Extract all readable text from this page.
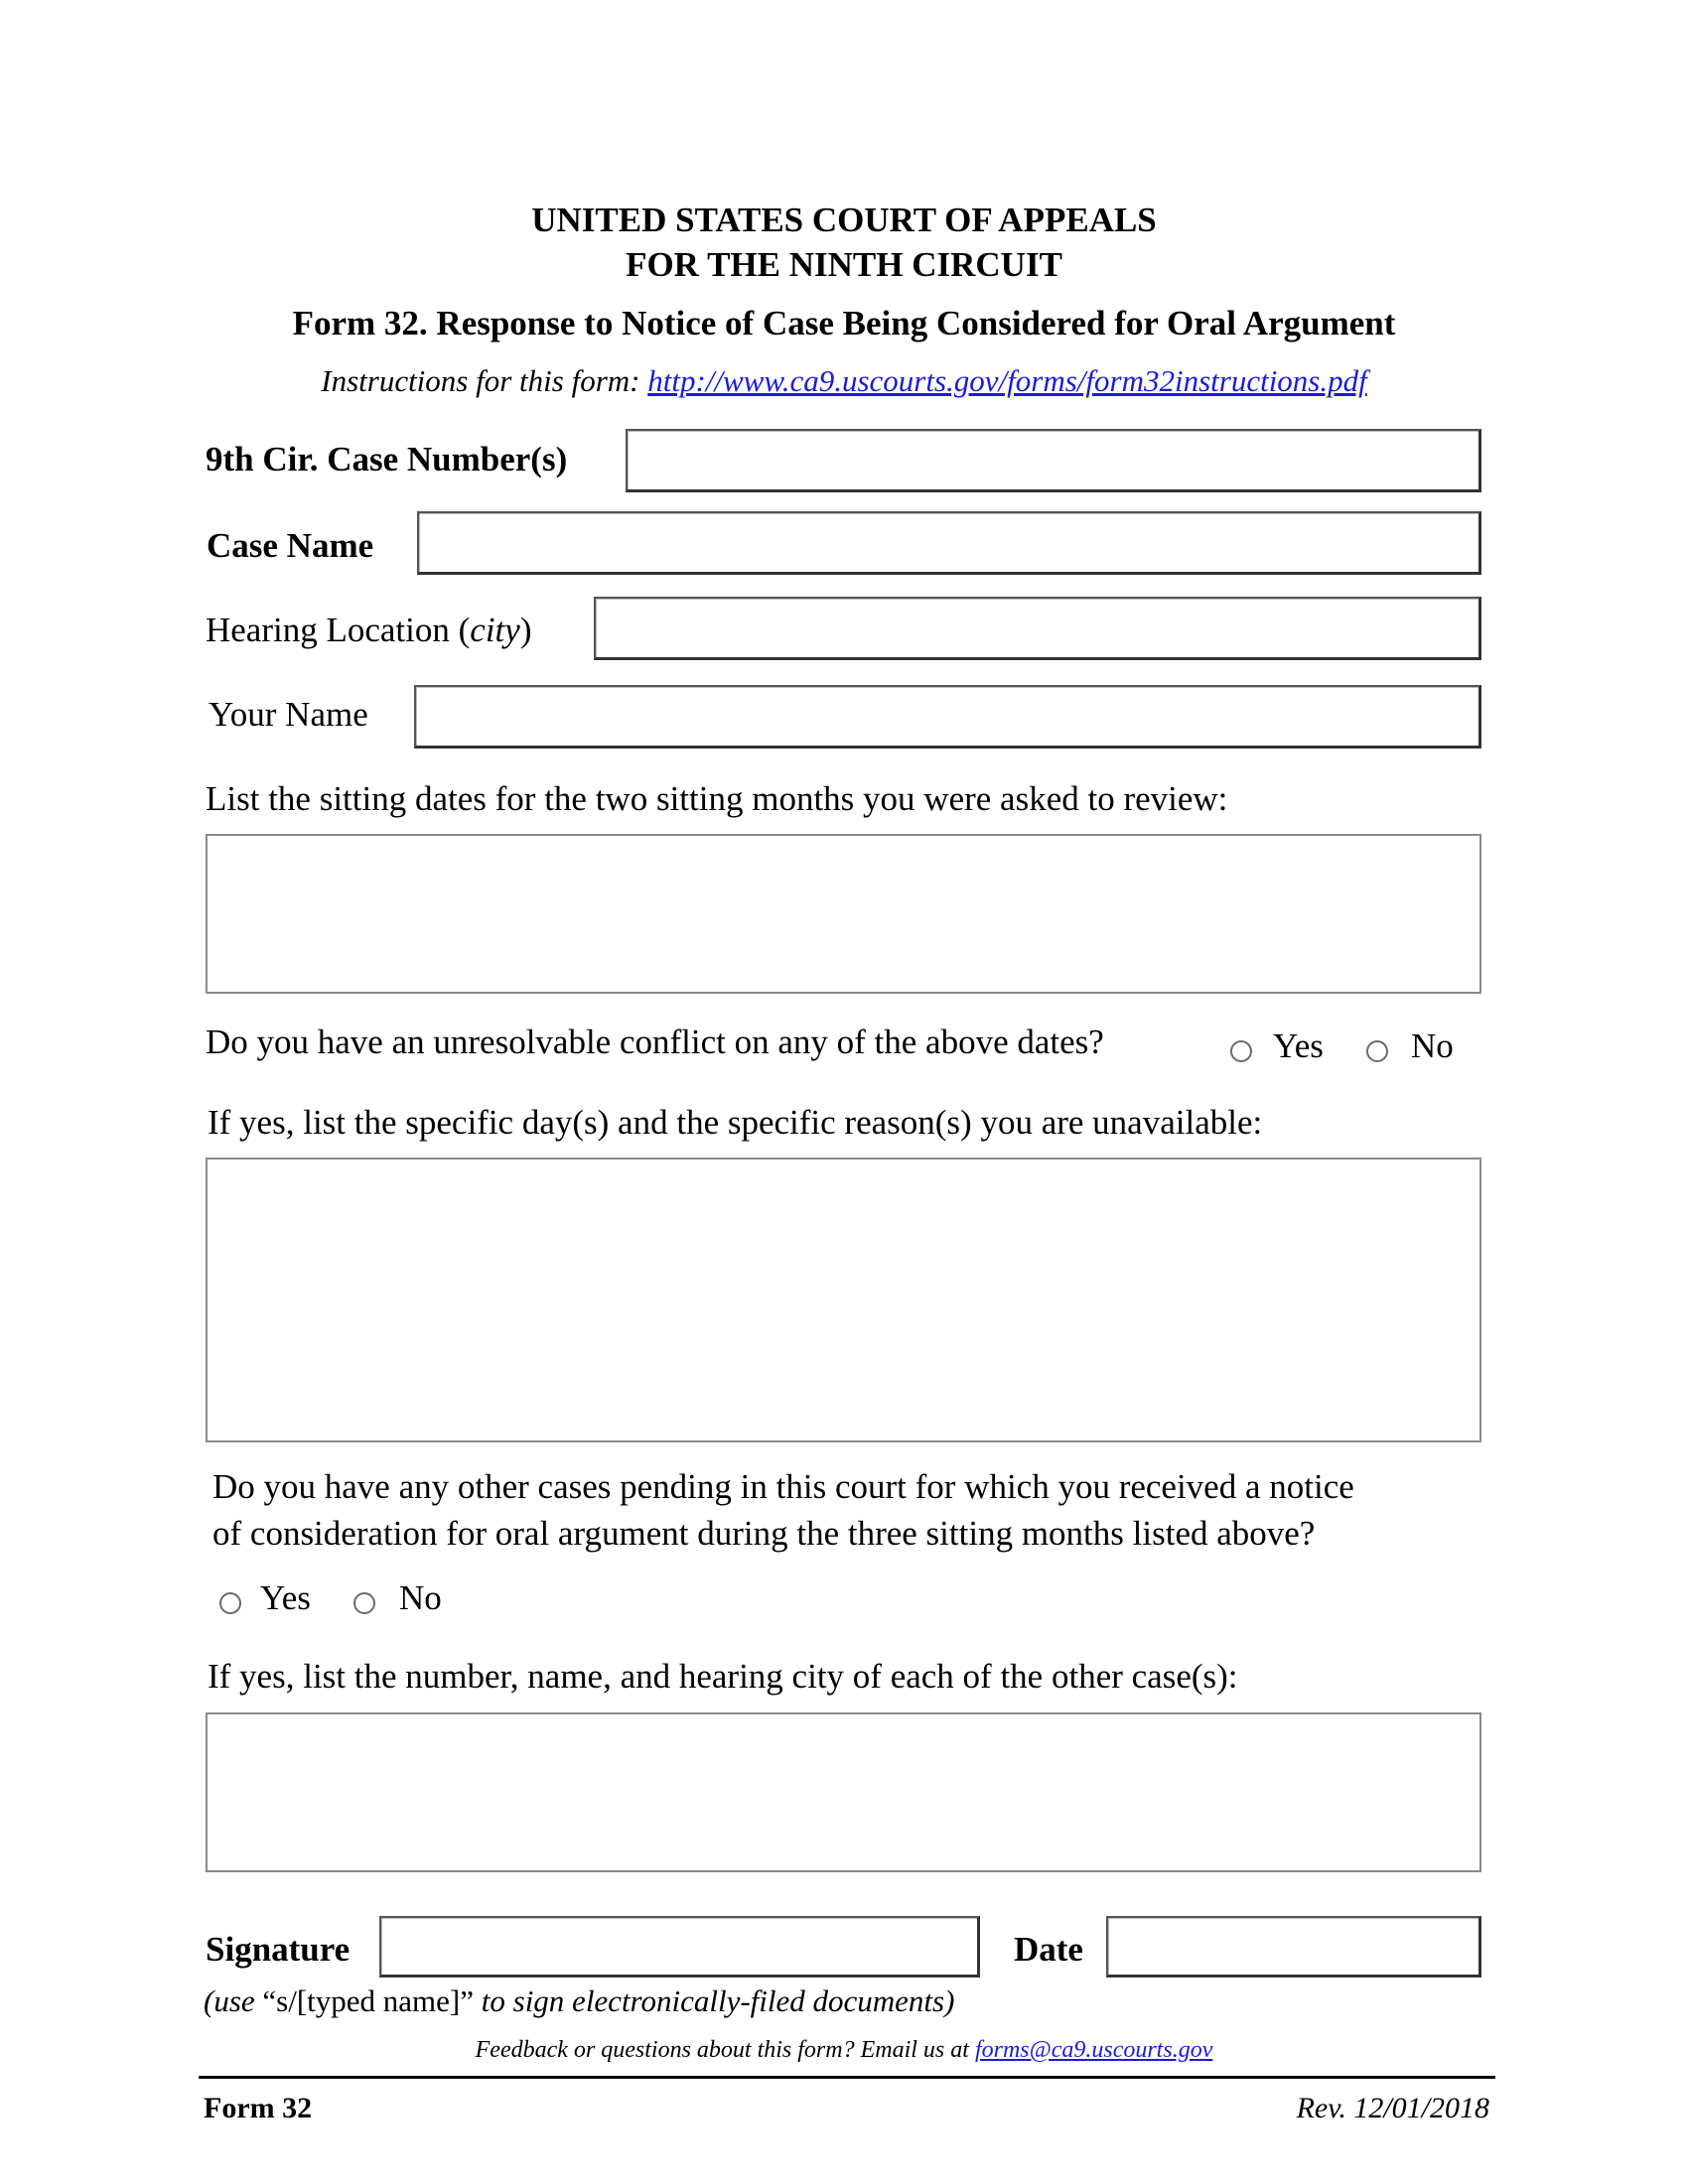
UNITED STATES COURT OF APPEALS
FOR THE NINTH CIRCUIT
Form 32. Response to Notice of Case Being Considered for Oral Argument
Instructions for this form: http://www.ca9.uscourts.gov/forms/form32instructions.pdf
9th Cir. Case Number(s)
Case Name
Hearing Location (city)
Your Name
List the sitting dates for the two sitting months you were asked to review:
Do you have an unresolvable conflict on any of the above dates?	Yes	No
If yes, list the specific day(s) and the specific reason(s) you are unavailable:
Do you have any other cases pending in this court for which you received a notice
of consideration for oral argument during the three sitting months listed above?
Yes	No
If yes, list the number, name, and hearing city of each of the other case(s):
Signature	Date
(use “s/[typed name]” to sign electronically-filed documents)
Feedback or questions about this form? Email us at forms@ca9.uscourts.gov
Form 32	Rev. 12/01/2018
